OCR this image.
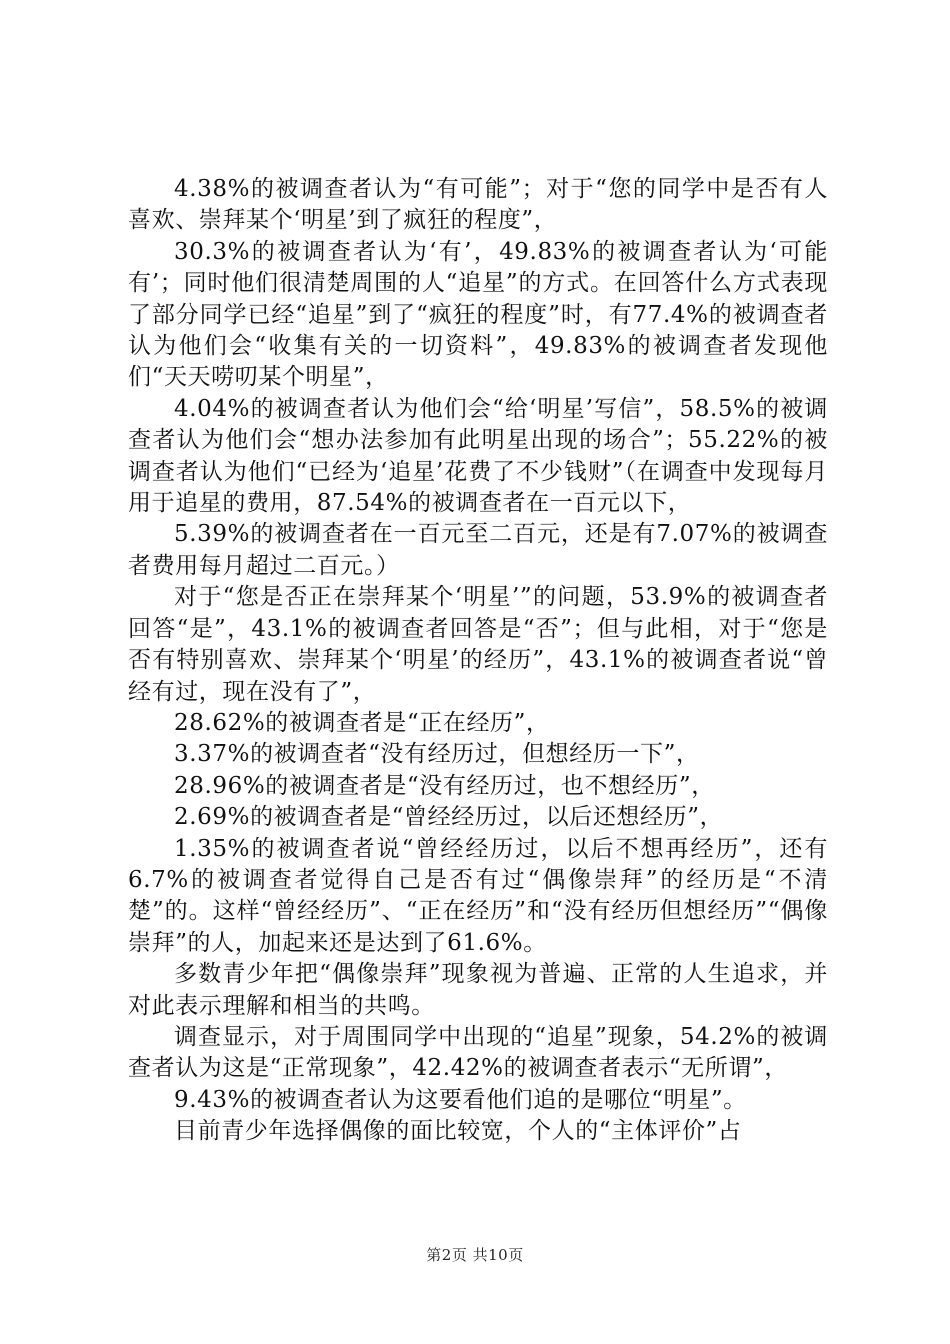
4.38%的被调查者认为“有可能”；对于“您的同学中是否有人喜欢、崇拜某个‘明星’到了疯狂的程度”，

30.3%的被调查者认为‘有’，49.83%的被调查者认为‘可能有’；同时他们很清楚周围的人“追星”的方式。在回答什么方式表现了部分同学已经“追星”到了“疯狂的程度”时，有77.4%的被调查者认为他们会“收集有关的一切资料”，49.83%的被调查者发现他们“天天唠叨某个明星”，

4.04%的被调查者认为他们会“给‘明星’写信”，58.5%的被调查者认为他们会“想办法参加有此明星出现的场合”；55.22%的被调查者认为他们“已经为‘追星’花费了不少钱财”（在调查中发现每月用于追星的费用，87.54%的被调查者在一百元以下，

5.39%的被调查者在一百元至二百元，还是有7.07%的被调查者费用每月超过二百元。）

对于“您是否正在崇拜某个‘明星’”的问题，53.9%的被调查者回答“是”，43.1%的被调查者回答是“否”；但与此相，对于“您是否有特别喜欢、崇拜某个‘明星’的经历”，43.1%的被调查者说“曾经有过，现在没有了”，

28.62%的被调查者是“正在经历”，

3.37%的被调查者“没有经历过，但想经历一下”，

28.96%的被调查者是“没有经历过，也不想经历”，

2.69%的被调查者是“曾经经历过，以后还想经历”，

1.35%的被调查者说“曾经经历过，以后不想再经历”，还有6.7%的被调查者觉得自己是否有过“偶像崇拜”的经历是“不清楚”的。这样“曾经经历”、“正在经历”和“没有经历但想经历”“偶像崇拜”的人，加起来还是达到了61.6%。

多数青少年把“偶像崇拜”现象视为普遍、正常的人生追求，并对此表示理解和相当的共鸣。

调查显示，对于周围同学中出现的“追星”现象，54.2%的被调查者认为这是“正常现象”，42.42%的被调查者表示“无所谓”，

9.43%的被调查者认为这要看他们追的是哪位“明星”。

目前青少年选择偶像的面比较宽，个人的“主体评价”占

第2页 共10页
